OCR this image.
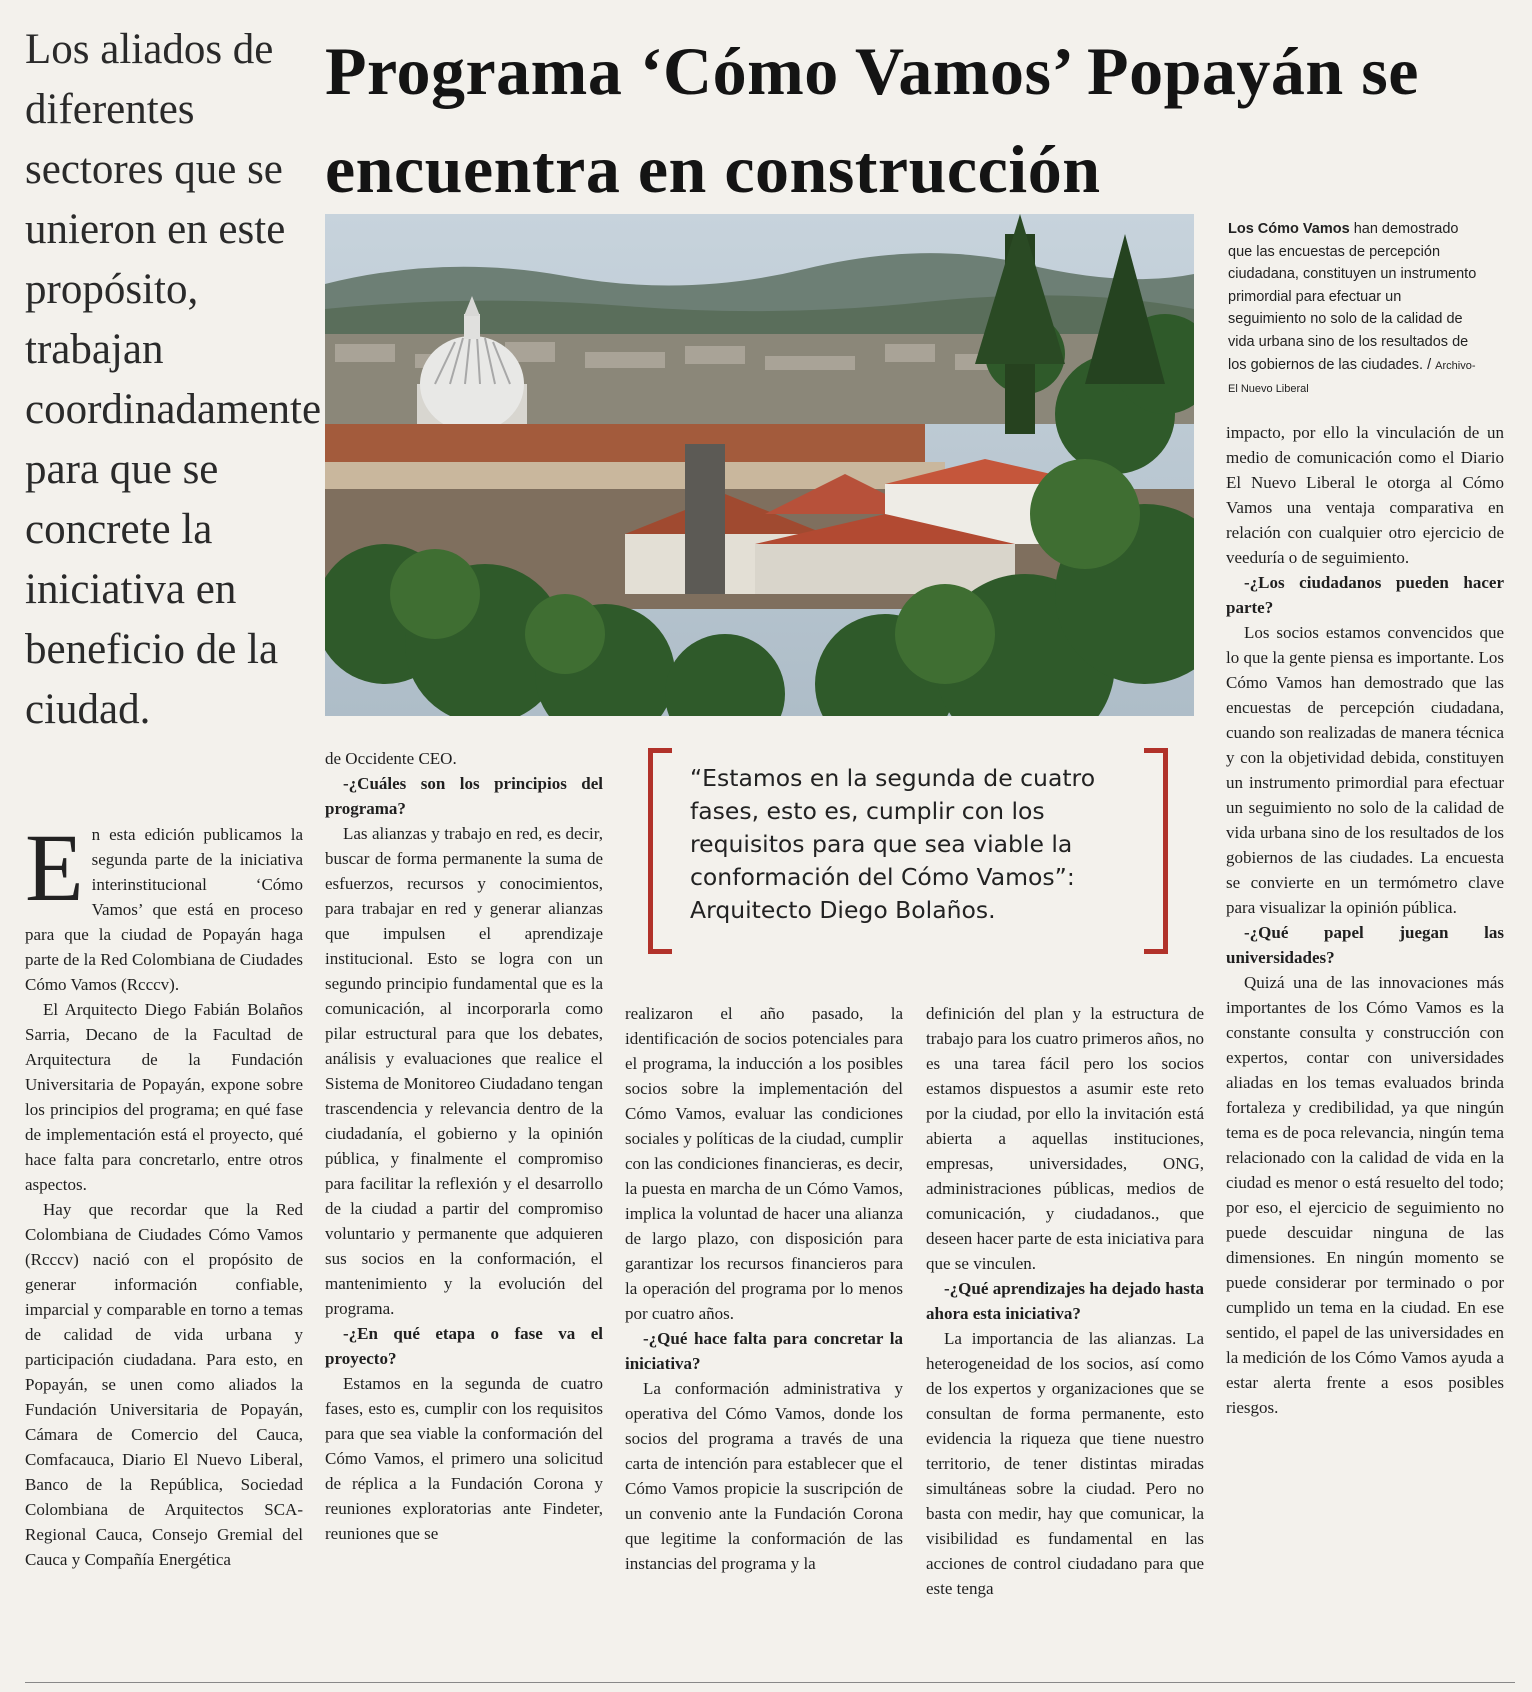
Los aliados de diferentes sectores que se unieron en este propósito, trabajan coordinadamente para que se concrete la iniciativa en beneficio de la ciudad.

Programa ‘Cómo Vamos’ Popayán se encuentra en construcción

Los Cómo Vamos han demostrado que las encuestas de percepción ciudadana, constituyen un instrumento primordial para efectuar un seguimiento no solo de la calidad de vida urbana sino de los resultados de los gobiernos de las ciudades. / Archivo-El Nuevo Liberal

“Estamos en la segunda de cuatro fases, esto es, cumplir con los requisitos para que sea viable la conformación del Cómo Vamos”: Arquitecto Diego Bolaños.

En esta edición publicamos la segunda parte de la iniciativa interinstitucional ‘Cómo Vamos’ que está en proceso para que la ciudad de Popayán haga parte de la Red Colombiana de Ciudades Cómo Vamos (Rcccv).

El Arquitecto Diego Fabián Bolaños Sarria, Decano de la Facultad de Arquitectura de la Fundación Universitaria de Popayán, expone sobre los principios del programa; en qué fase de implementación está el proyecto, qué hace falta para concretarlo, entre otros aspectos.

Hay que recordar que la Red Colombiana de Ciudades Cómo Vamos (Rcccv) nació con el propósito de generar información confiable, imparcial y comparable en torno a temas de calidad de vida urbana y participación ciudadana. Para esto, en Popayán, se unen como aliados la Fundación Universitaria de Popayán, Cámara de Comercio del Cauca, Comfacauca, Diario El Nuevo Liberal, Banco de la República, Sociedad Colombiana de Arquitectos SCA-Regional Cauca, Consejo Gremial del Cauca y Compañía Energética

de Occidente CEO.

-¿Cuáles son los principios del programa?

Las alianzas y trabajo en red, es decir, buscar de forma permanente la suma de esfuerzos, recursos y conocimientos, para trabajar en red y generar alianzas que impulsen el aprendizaje institucional. Esto se logra con un segundo principio fundamental que es la comunicación, al incorporarla como pilar estructural para que los debates, análisis y evaluaciones que realice el Sistema de Monitoreo Ciudadano tengan trascendencia y relevancia dentro de la ciudadanía, el gobierno y la opinión pública, y finalmente el compromiso para facilitar la reflexión y el desarrollo de la ciudad a partir del compromiso voluntario y permanente que adquieren sus socios en la conformación, el mantenimiento y la evolución del programa.

-¿En qué etapa o fase va el proyecto?

Estamos en la segunda de cuatro fases, esto es, cumplir con los requisitos para que sea viable la conformación del Cómo Vamos, el primero una solicitud de réplica a la Fundación Corona y reuniones exploratorias ante Findeter, reuniones que se

realizaron el año pasado, la identificación de socios potenciales para el programa, la inducción a los posibles socios sobre la implementación del Cómo Vamos, evaluar las condiciones sociales y políticas de la ciudad, cumplir con las condiciones financieras, es decir, la puesta en marcha de un Cómo Vamos, implica la voluntad de hacer una alianza de largo plazo, con disposición para garantizar los recursos financieros para la operación del programa por lo menos por cuatro años.

-¿Qué hace falta para concretar la iniciativa?

La conformación administrativa y operativa del Cómo Vamos, donde los socios del programa a través de una carta de intención para establecer que el Cómo Vamos propicie la suscripción de un convenio ante la Fundación Corona que legitime la conformación de las instancias del programa y la

definición del plan y la estructura de trabajo para los cuatro primeros años, no es una tarea fácil pero los socios estamos dispuestos a asumir este reto por la ciudad, por ello la invitación está abierta a aquellas instituciones, empresas, universidades, ONG, administraciones públicas, medios de comunicación, y ciudadanos., que deseen hacer parte de esta iniciativa para que se vinculen.

-¿Qué aprendizajes ha dejado hasta ahora esta iniciativa?

La importancia de las alianzas. La heterogeneidad de los socios, así como de los expertos y organizaciones que se consultan de forma permanente, esto evidencia la riqueza que tiene nuestro territorio, de tener distintas miradas simultáneas sobre la ciudad. Pero no basta con medir, hay que comunicar, la visibilidad es fundamental en las acciones de control ciudadano para que este tenga

impacto, por ello la vinculación de un medio de comunicación como el Diario El Nuevo Liberal le otorga al Cómo Vamos una ventaja comparativa en relación con cualquier otro ejercicio de veeduría o de seguimiento.

-¿Los ciudadanos pueden hacer parte?

Los socios estamos convencidos que lo que la gente piensa es importante. Los Cómo Vamos han demostrado que las encuestas de percepción ciudadana, cuando son realizadas de manera técnica y con la objetividad debida, constituyen un instrumento primordial para efectuar un seguimiento no solo de la calidad de vida urbana sino de los resultados de los gobiernos de las ciudades. La encuesta se convierte en un termómetro clave para visualizar la opinión pública.

-¿Qué papel juegan las universidades?

Quizá una de las innovaciones más importantes de los Cómo Vamos es la constante consulta y construcción con expertos, contar con universidades aliadas en los temas evaluados brinda fortaleza y credibilidad, ya que ningún tema es de poca relevancia, ningún tema relacionado con la calidad de vida en la ciudad es menor o está resuelto del todo; por eso, el ejercicio de seguimiento no puede descuidar ninguna de las dimensiones. En ningún momento se puede considerar por terminado o por cumplido un tema en la ciudad. En ese sentido, el papel de las universidades en la medición de los Cómo Vamos ayuda a estar alerta frente a esos posibles riesgos.
